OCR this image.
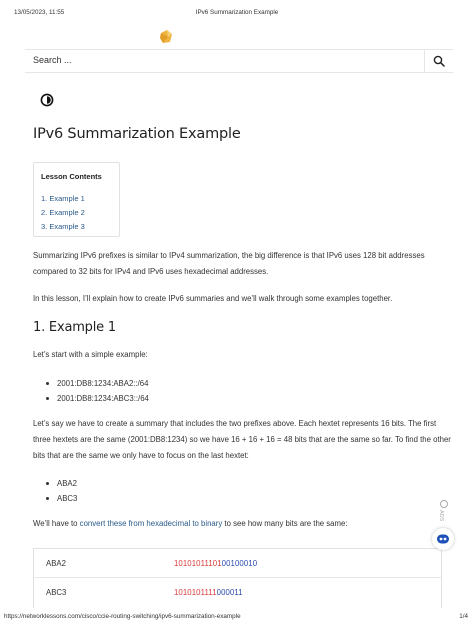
13/05/2023, 11:55	IPv6 Summarization Example
Search ...
IPv6 Summarization Example
Lesson Contents
1. Example 1
2. Example 2
3. Example 3

Summarizing IPv6 prefixes is similar to IPv4 summarization, the big difference is that IPv6 uses 128 bit addresses compared to 32 bits for IPv4 and IPv6 uses hexadecimal addresses.

In this lesson, I’ll explain how to create IPv6 summaries and we’ll walk through some examples together.

1. Example 1

Let’s start with a simple example:

2001:DB8:1234:ABA2::/64
2001:DB8:1234:ABC3::/64

Let’s say we have to create a summary that includes the two prefixes above. Each hextet represents 16 bits. The first three hextets are the same (2001:DB8:1234) so we have 16 + 16 + 16 = 48 bits that are the same so far. To find the other bits that are the same we only have to focus on the last hextet:

ABA2
ABC3

We’ll have to convert these from hexadecimal to binary to see how many bits are the same:

ABA2	1010101110100100010
ABC3	1010101111000011
ADS
https://networklessons.com/cisco/ccie-routing-switching/ipv6-summarization-example	1/4
